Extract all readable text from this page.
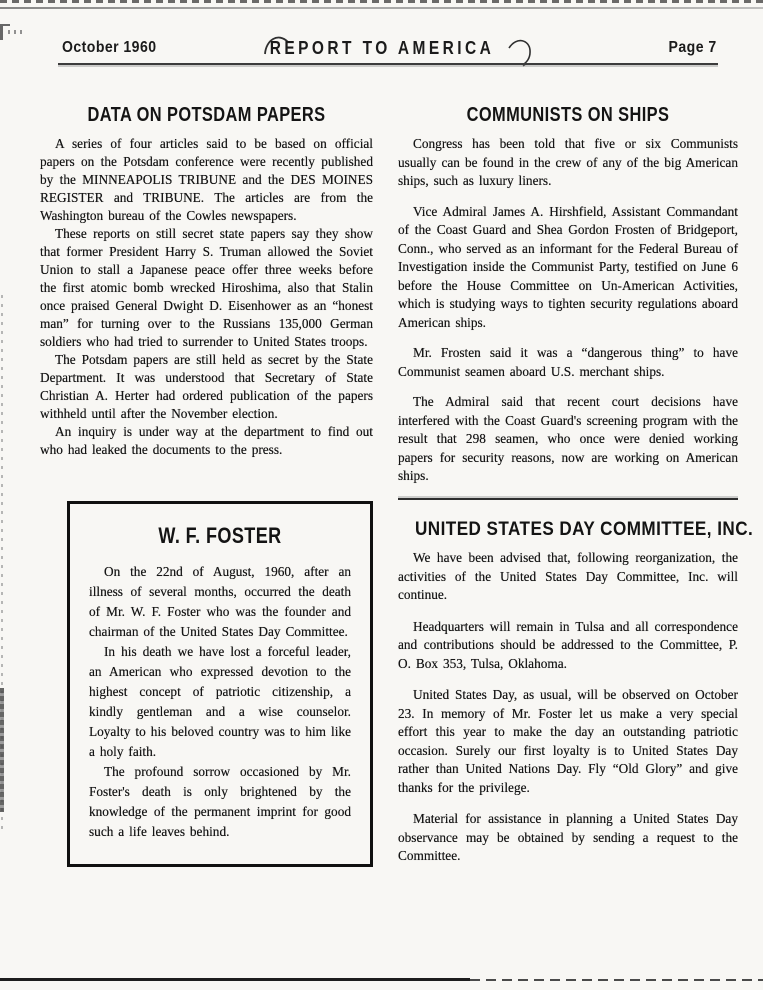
October 1960	REPORT TO AMERICA	Page 7
DATA ON POTSDAM PAPERS

A series of four articles said to be based on official papers on the Potsdam conference were recently published by the MINNEAPOLIS TRIBUNE and the DES MOINES REGISTER and TRIBUNE. The articles are from the Washington bureau of the Cowles newspapers.

These reports on still secret state papers say they show that former President Harry S. Truman allowed the Soviet Union to stall a Japanese peace offer three weeks before the first atomic bomb wrecked Hiroshima, also that Stalin once praised General Dwight D. Eisenhower as an “honest man” for turning over to the Russians 135,000 German soldiers who had tried to surrender to United States troops.

The Potsdam papers are still held as secret by the State Department. It was understood that Secretary of State Christian A. Herter had ordered publication of the papers withheld until after the November election.

An inquiry is under way at the department to find out who had leaked the documents to the press.

W. F. FOSTER

On the 22nd of August, 1960, after an illness of several months, occurred the death of Mr. W. F. Foster who was the founder and chairman of the United States Day Committee.

In his death we have lost a forceful leader, an American who expressed devotion to the highest concept of patriotic citizenship, a kindly gentleman and a wise counselor. Loyalty to his beloved country was to him like a holy faith.

The profound sorrow occasioned by Mr. Foster's death is only brightened by the knowledge of the permanent imprint for good such a life leaves behind.

COMMUNISTS ON SHIPS

Congress has been told that five or six Communists usually can be found in the crew of any of the big American ships, such as luxury liners.

Vice Admiral James A. Hirshfield, Assistant Commandant of the Coast Guard and Shea Gordon Frosten of Bridgeport, Conn., who served as an informant for the Federal Bureau of Investigation inside the Communist Party, testified on June 6 before the House Committee on Un-American Activities, which is studying ways to tighten security regulations aboard American ships.

Mr. Frosten said it was a “dangerous thing” to have Communist seamen aboard U.S. merchant ships.

The Admiral said that recent court decisions have interfered with the Coast Guard's screening program with the result that 298 seamen, who once were denied working papers for security reasons, now are working on American ships.

UNITED STATES DAY COMMITTEE, INC.

We have been advised that, following reorganization, the activities of the United States Day Committee, Inc. will continue.

Headquarters will remain in Tulsa and all correspondence and contributions should be addressed to the Committee, P. O. Box 353, Tulsa, Oklahoma.

United States Day, as usual, will be observed on October 23. In memory of Mr. Foster let us make a very special effort this year to make the day an outstanding patriotic occasion. Surely our first loyalty is to United States Day rather than United Nations Day. Fly “Old Glory” and give thanks for the privilege.

Material for assistance in planning a United States Day observance may be obtained by sending a request to the Committee.
